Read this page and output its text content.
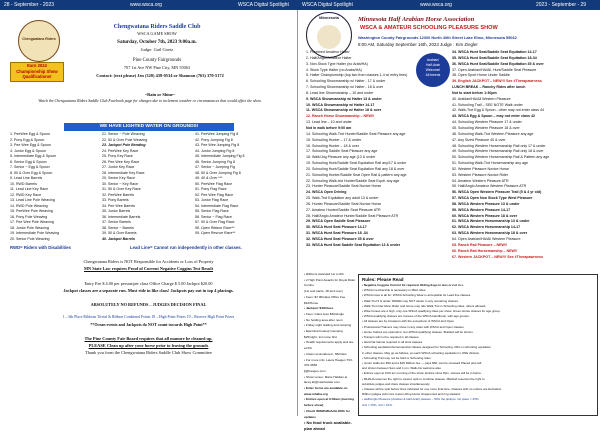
28 - September - 2023	www.wsca.org	WSCA Digital Spotlight	WSCA Digital Spotlight	www.wsca.org	2023 - September - 29
Chengwatana Riders
Earn 2024
Championship Show
Qualifications!
Chengwatana Riders Saddle Club
WSCA GAME SHOW
Saturday, October 7th, 2023 9:00a.m.
Judge: Gail Goetz
Pine County Fairgrounds
707 1st Ave NW Pine City, MN 55063
Contact: (text please) Jen (320) 438-0534 or Shannon (763) 370-5172
~Rain or Shine~
Watch the Chengwatana Riders Saddle Club Facebook page for changes due to inclement weather or circumstances that would affect the show.
WE HAVE LIGHTED WATER ON GROUNDS!
1. PeeWee Egg & Spoon
2. Pony Egg & Spoon
3. Pee Wee Egg & Spoon
4. Junior Egg & Spoon
5. Intermediate Egg & Spoon
6. Senior Egg & Spoon
7. Senior ~ Egg & Spoon
8. 50 & Over Egg & Spoon
9. Lead Line Barrels
10. RWD Barrels
11. Lead Line Key Race
12. RWD Key Race
13. Lead Line Pole Weaving
14. RWD Pole Weaving
15. PeeWee Pole Weaving
16. Pony Pole Weaving
17. Pee Wee Pole Weaving
18. Junior Pole Weaving
19. Intermediate Pole Weaving
20. Senior Pole Weaving
21. Senior ~ Pole Weaving
22. 50 & Over Pole Weaving
23. Jackpot Pole Bending
24. PeeWee Key Race
25. Pony Key Race
26. Pee Wee Key Race
27. Junior Key Race
28. Intermediate Key Race
29. Senior Key Race
30. Senior ~ Key Race
31. 50 & Over Key Race
32. PeeWee Barrels
33. Pony Barrels
34. Pee Wee Barrels
35. Junior Barrels
36. Intermediate Barrels
37. Senior Barrels
38. Senior ~ Barrels
39. 50 & Over Barrels
40. Jackpot Barrels
41. PeeWee Jumping Fig 8
42. Pony Jumping Fig 8
43. Pee Wee Jumping Fig 8
44. Junior Jumping Fig 8
45. Intermediate Jumping Fig 8
46. Senior Jumping Fig 8
47. Senior ~ Jumping Fig
48. 50 & Over Jumping Fig 8
49. 40 & Over ***
50. PeeWee Flag Race
51. Pony Flag Race
52. Pee Wee Flag Race
53. Junior Flag Race
54. Intermediate Flag Race
55. Senior Flag Race
56. Senior ~ Flag Race
57. 50 & Over Flag Race
58. Open Ribbon Race**
59. Open Rescue Race**
RWD= Riders with Disabilities	Lead Line= Cannot run independently in other classes.
Chengwatana Riders is NOT Responsible for Accidents or Loss of Property
MN State Law requires Proof of Current Negative Coggins Test Result
Entry Fee $ 4.00 per person/per class Office Charge $ 5.00 Jackpot $20.00
Jackpot classes are a separate run. Must ride in like class! Jackpots pay out in top 4 placings.
ABSOLUTELY NO REFUNDS – JUDGES DECISION FINAL
1 – 6th Place Ribbons Trivial & Ribbon Combined Points 18 – High Point Prizes 19 – Reserve High Point Prizes
**Ocean events and Jackpots do NOT count towards High Point**
The Pine County Fair Board requires that all manure be cleaned up.
PLEASE Clean up after your horse prior to leaving the grounds
Thank you from the Chengwatana Riders Saddle Club Show Committee
Minnesota	Minnesota Half Arabian Horse Association
WSCA & AMATEUR SCHOOLING PLEASURE SHOW
Washington County Fairgrounds 12300 North 40th Street Lake Elmo, Minnesota 55042
8:00 AM, Saturday September 16th, 2023 Judge : Kim Ziegler
Arabian/
Half-Arab
Welcome!
All breeds
1. Purebred Amateur Halter
2. Half/Anglo Amateur Halter
3. Non-Stock Type Halter (no Arab/HA)
4. Stock Type Halter (no Arabs/HA)
5. Halter Championship (top two from classes 1-4 w/ entry fees)
6. Schooling Showmanship w/ Halter - 17 & under
7. Schooling Showmanship w/ Halter - 18 & over
8. Lead line Showmanship – 10 and under
9. WSCA Showmanship w/ Halter 13 & under
10. WSCA Showmanship w/ Halter 14-17
11. WSCA Showmanship w/ Halter 18 & over
12. Ranch Horse Showmanship – NEW!!
13. Lead line – 10 and under
Not in walk before 9:00 am
14. Schooling Walk-Trot Hunter/Saddle Seat Pleasure any age
15. Schooling Hunter – 17 & under
16. Schooling Hunter – 18 & over
17. Schooling Saddle Seat Pleasure any age
18. Walk/Jog Pleasure any age (13 & under
19. Schooling Hunt/Saddle Seat Equitation Rail any/17 & under
20. Schooling Hunt/Saddle Seat Equitation Rail any 18 & over
21. Schooling Hunter/Saddle Seat Open Rail & pattern any age
22. Schooling Walk-trot Hunter/Saddle Seat Equit. any age
23. Hunter Pleasure/Saddle Seat Novice Horse
24. WSCA Open Driving
25. Walk-Trot Equitation any adult 13 & under
26. Hunter Pleasure/Saddle Seat Novice Horse
27. Amateur Hunter/Saddle Seat Pleasure ATR
28. Half/Anglo Amateur Hunter/Saddle Seat Pleasure ATR
29. WSCA Open Saddle Seat Pleasure
30. WSCA Hunt Seat Pleasure 14-17
31. WSCA Hunt Seat Pleasure 18 -34
32. WSCA Hunt Seat Pleasure 35 & over
33. WSCA Hunt Seat Saddle Seat Equitation 13 & under
34. WSCA Hunt Seat/Saddle Seat Equitation 14-17
35. WSCA Hunt Seat/Saddle Seat Equitation 18-34
36. WSCA Hunt Seat/Saddle Seat Equitation 35 & over
37. Open Arabian/HA/All, Hunt/Saddle Seat Pleasure
38. Open Sport Horse Under Saddle
39. English JACKPOT – NEW!!! See #Therapawrness
LUNCH BREAK – Ranchy Rides after lunch
Not to start before 1:30pm
40. Arabian/HA/All Western Pleasure
41. Schooling Trail – SEE NOTE Walk under
42. Walk-Trot Egg & Spoon - other may not enter class 44
43. WSCA Egg & Spoon – may not enter class 42
44. Schooling Western Pleasure 17 & under
45. Schooling Western Pleasure 18 & over
46. Schooling Walk-Trot Western Pleasure any age
47. Any Sized Pleasure 40 & over
48. Schooling Western Horsemanship Rail only 17 & under
49. Schooling Western Horsemanship Rail only 18 & over
50. Schooling Western Horsemanship Rail & Pattern any age
51. Schooling Walk-Trot Horsemanship any age
52. Western Pleasure Novice Horse
53. Western Pleasure Novice Rider
54. Amateur Western Pleasure ATR
55. Half/Anglo Amateur Western Pleasure ATR
56. WSCA Open Western Pleasure Trail (5 & 4 yr old)
57. WSCA Open Non Stock Type West Pleasure
58. WSCA Western Pleasure 13 & under
59. WSCA Western Pleasure 14-17
60. WSCA Western Pleasure 18 & over
61. WSCA Western Horsemanship 13 & under
62. WSCA Western Horsemanship 14-17
63. WSCA Western Horsemanship 18 & over
64. Open Arabian/HA/All Western Pleasure
65. Ranch Rail Pleasure – NEW!!
66. Ranch Rail Horsemanship – NEW!!
67. Western JACKPOT – NEW!!! See #Therapawrness
• Ribbons Awarded 1st to 6th
• 2 High Point Awards for Royal Rider Combo
(1st and pants, 18 and over)
• Fees: $7.00/class Office Fee $10/Horse
• Jackpot: $40/class
• Fees: Class fees $40/single
• No holding area after noon
• Friday night stalling and camping
• Electrical hookup Camping $25/night, 1st come first
• Health requirements apply and are at 6%
• Class reconsidered - $5/class
• For more info: Laura Haugen 763-370-4658
lj@haugen.com
• Show venue: Marie Haldian at
lacey.kit@miartsstate.com
• Enter forms are available on www.mhaha.org
• Entries open at 9:00am (morning before show)
• Check WWW.MHAHA.ORG for updates
• No food truck available-plan ahead
Rules: Please Read
• Negative Coggins Current for required. Riding dogs in less or not in s.
• WSCA membership is necessary in MHA rides.
• WSCA rules is all for: WSCA Schooling Wear is acceptable for Lead line classes.
• Walk-Trot 5 & under: RIDER may NOT canter in any remaining classes.
• Walk-Trot rider Rule: Rider and horse may ride Walk-Trot in Schooling class, others allowed.
• Wise horses are a high, only one WSCA qualifying class per show. Green Horse classes for age group.
• WSCA qualifying classes are Canoes of the WSCA Handbook, with age groups.
• All classes are by Amateurs with the exceptions of WSCA and Open
• Professional Trainers may show in any class with WSCA and Open classes.
• Horse clothes are optional in non-WSCA qualifying classes. Braided will be shown.
• Trainers will not be required in all classes.
• Hard hat helmet required in all Hunt classes.
• Schooling equitation/horsemanship classes designed for Schooling. Ribs in schooling equitation
in other classes. May go as follows, an each WSCA schooling equitation in ONE division.
• Schooling Trail may not be held or Schooling rides.
• Junior stalls are $30 and a $15 Ribbon fee — pays $60; can be renewed Placed plus left
and shown between 9am and 1 pm. Walk-Ins welcome also.
• Entries open at 9:00 am morning of the show. Entries close 8pm. Horses will be in barns.
• MHAHA reserves the right to cancel, split or combine classes. MHAHA reserves the right to
substitute judges and class classes simultaneously.
• Classes will be split before lines indicated for one more final time. Classes with no entries are Excluded.
Ribbon judges pull more reason Ring Horse chaperoned and ring steward.
• Half/Anglo Pleasure (Arabian & Half-Arab) classes – 50% the jackpot. 1st place = 25%,
2nd = 15%, 3rd = 10%.
